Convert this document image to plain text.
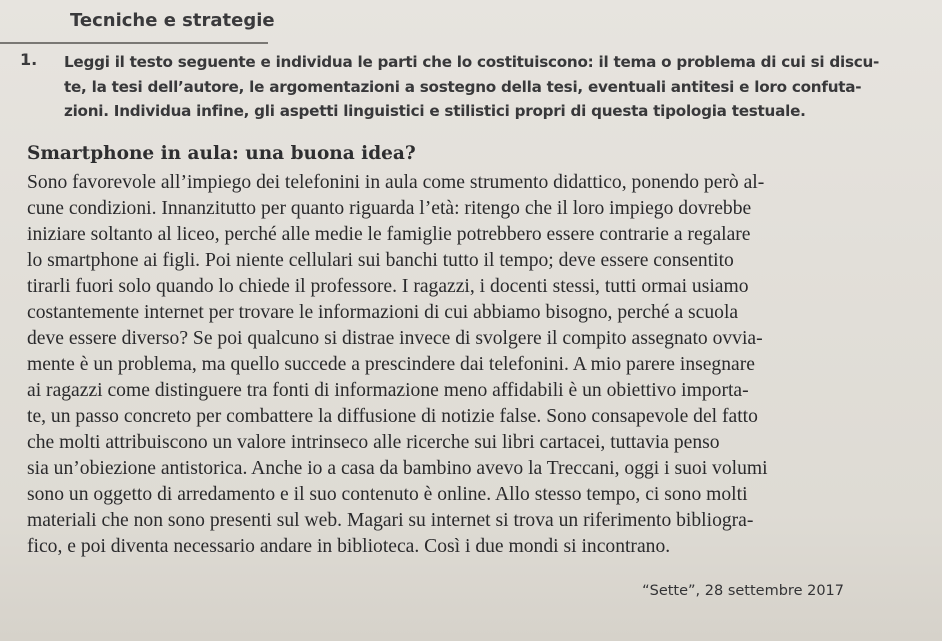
Tecniche e strategie
1. Leggi il testo seguente e individua le parti che lo costituiscono: il tema o problema di cui si discu-
te, la tesi dell’autore, le argomentazioni a sostegno della tesi, eventuali antitesi e loro confuta-
zioni. Individua infine, gli aspetti linguistici e stilistici propri di questa tipologia testuale.

Smartphone in aula: una buona idea?
Sono favorevole all’impiego dei telefonini in aula come strumento didattico, ponendo però al-
cune condizioni. Innanzitutto per quanto riguarda l’età: ritengo che il loro impiego dovrebbe
iniziare soltanto al liceo, perché alle medie le famiglie potrebbero essere contrarie a regalare
lo smartphone ai figli. Poi niente cellulari sui banchi tutto il tempo; deve essere consentito
tirarli fuori solo quando lo chiede il professore. I ragazzi, i docenti stessi, tutti ormai usiamo
costantemente internet per trovare le informazioni di cui abbiamo bisogno, perché a scuola
deve essere diverso? Se poi qualcuno si distrae invece di svolgere il compito assegnato ovvia-
mente è un problema, ma quello succede a prescindere dai telefonini. A mio parere insegnare
ai ragazzi come distinguere tra fonti di informazione meno affidabili è un obiettivo importa-
te, un passo concreto per combattere la diffusione di notizie false. Sono consapevole del fatto
che molti attribuiscono un valore intrinseco alle ricerche sui libri cartacei, tuttavia penso
sia un’obiezione antistorica. Anche io a casa da bambino avevo la Treccani, oggi i suoi volumi
sono un oggetto di arredamento e il suo contenuto è online. Allo stesso tempo, ci sono molti
materiali che non sono presenti sul web. Magari su internet si trova un riferimento bibliogra-
fico, e poi diventa necessario andare in biblioteca. Così i due mondi si incontrano.
“Sette”, 28 settembre 2017
